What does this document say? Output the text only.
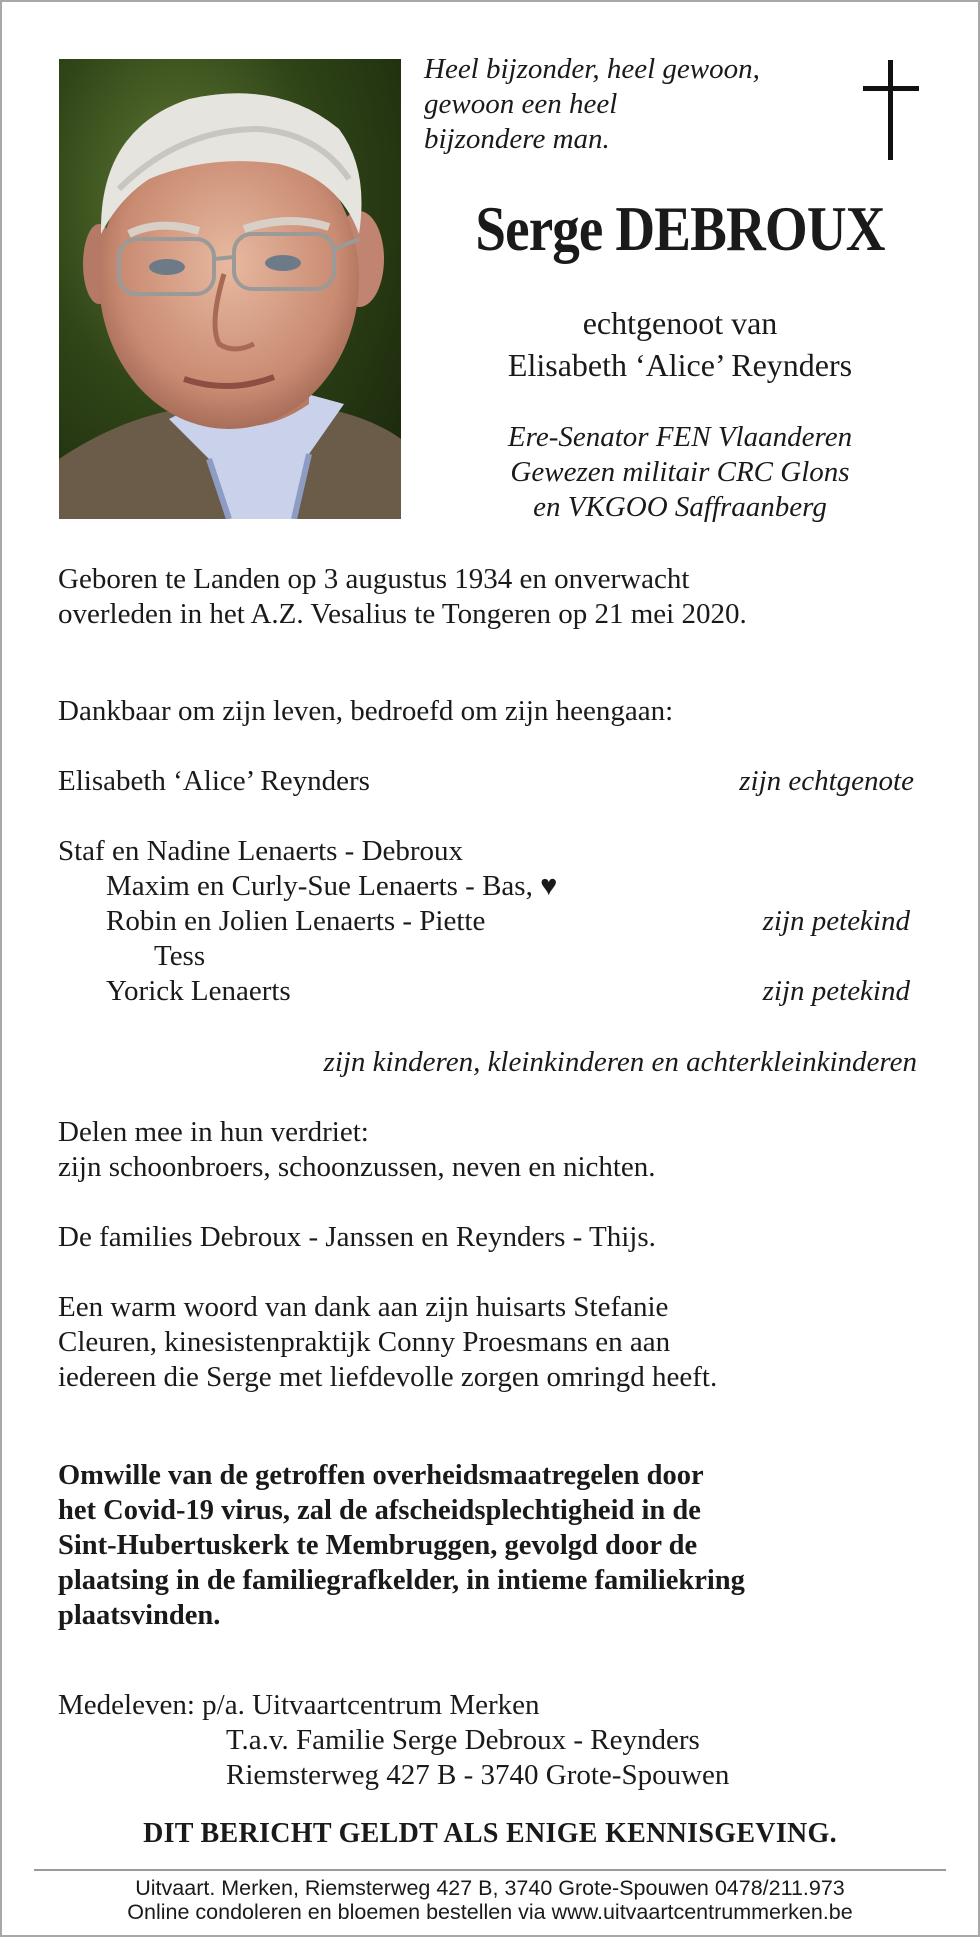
Heel bijzonder, heel gewoon,
gewoon een heel
bijzondere man.
Serge DEBROUX
echtgenoot van
Elisabeth ‘Alice’ Reynders
Ere-Senator FEN Vlaanderen
Gewezen militair CRC Glons
en VKGOO Saffraanberg
Geboren te Landen op 3 augustus 1934 en onverwacht
overleden in het A.Z. Vesalius te Tongeren op 21 mei 2020.
Dankbaar om zijn leven, bedroefd om zijn heengaan:
Elisabeth ‘Alice’ Reynders	zijn echtgenote
Staf en Nadine Lenaerts - Debroux
Maxim en Curly-Sue Lenaerts - Bas, ♥
Robin en Jolien Lenaerts - Piette	zijn petekind
Tess
Yorick Lenaerts	zijn petekind
zijn kinderen, kleinkinderen en achterkleinkinderen
Delen mee in hun verdriet:
zijn schoonbroers, schoonzussen, neven en nichten.
De families Debroux - Janssen en Reynders - Thijs.
Een warm woord van dank aan zijn huisarts Stefanie
Cleuren, kinesistenpraktijk Conny Proesmans en aan
iedereen die Serge met liefdevolle zorgen omringd heeft.
Omwille van de getroffen overheidsmaatregelen door
het Covid-19 virus, zal de afscheidsplechtigheid in de
Sint-Hubertuskerk te Membruggen, gevolgd door de
plaatsing in de familiegrafkelder, in intieme familiekring
plaatsvinden.
Medeleven: p/a. Uitvaartcentrum Merken
T.a.v. Familie Serge Debroux - Reynders
Riemsterweg 427 B - 3740 Grote-Spouwen
DIT BERICHT GELDT ALS ENIGE KENNISGEVING.
Uitvaart. Merken, Riemsterweg 427 B, 3740 Grote-Spouwen 0478/211.973
Online condoleren en bloemen bestellen via www.uitvaartcentrummerken.be
